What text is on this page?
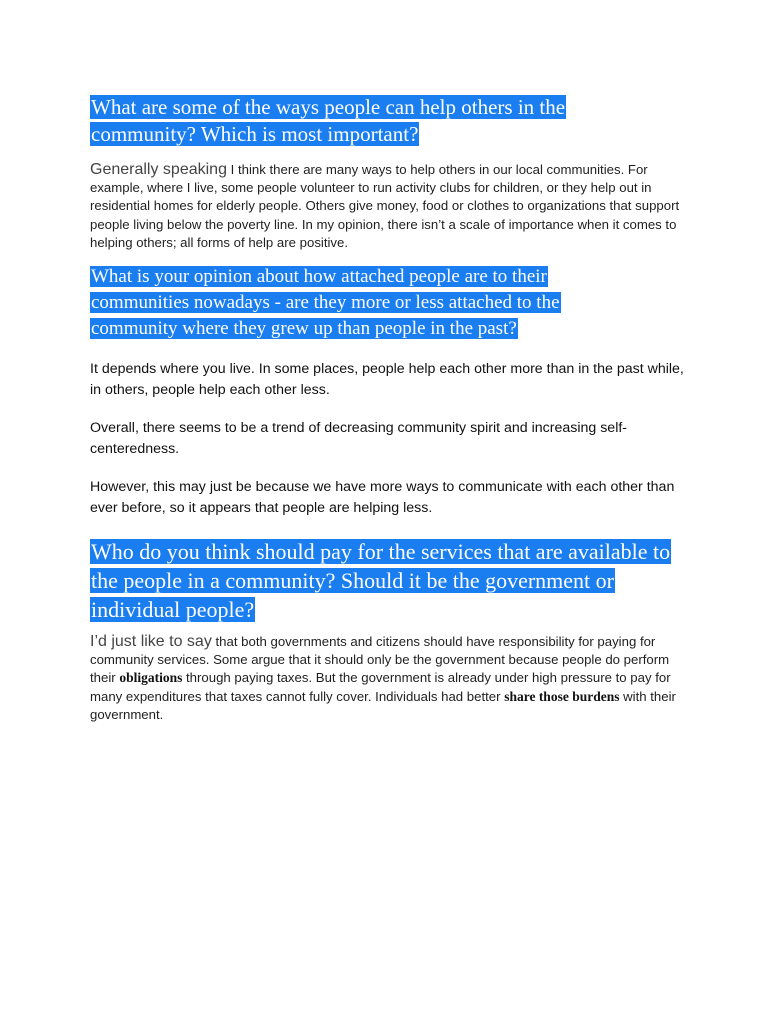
What are some of the ways people can help others in the community? Which is most important?
Generally speaking I think there are many ways to help others in our local communities. For example, where I live, some people volunteer to run activity clubs for children, or they help out in residential homes for elderly people. Others give money, food or clothes to organizations that support people living below the poverty line. In my opinion, there isn’t a scale of importance when it comes to helping others; all forms of help are positive.
What is your opinion about how attached people are to their communities nowadays - are they more or less attached to the community where they grew up than people in the past?

It depends where you live. In some places, people help each other more than in the past while, in others, people help each other less.

Overall, there seems to be a trend of decreasing community spirit and increasing self-centeredness.

However, this may just be because we have more ways to communicate with each other than ever before, so it appears that people are helping less.

Who do you think should pay for the services that are available to the people in a community? Should it be the government or individual people?
I’d just like to say that both governments and citizens should have responsibility for paying for community services. Some argue that it should only be the government because people do perform their obligations through paying taxes. But the government is already under high pressure to pay for many expenditures that taxes cannot fully cover. Individuals had better share those burdens with their government.
